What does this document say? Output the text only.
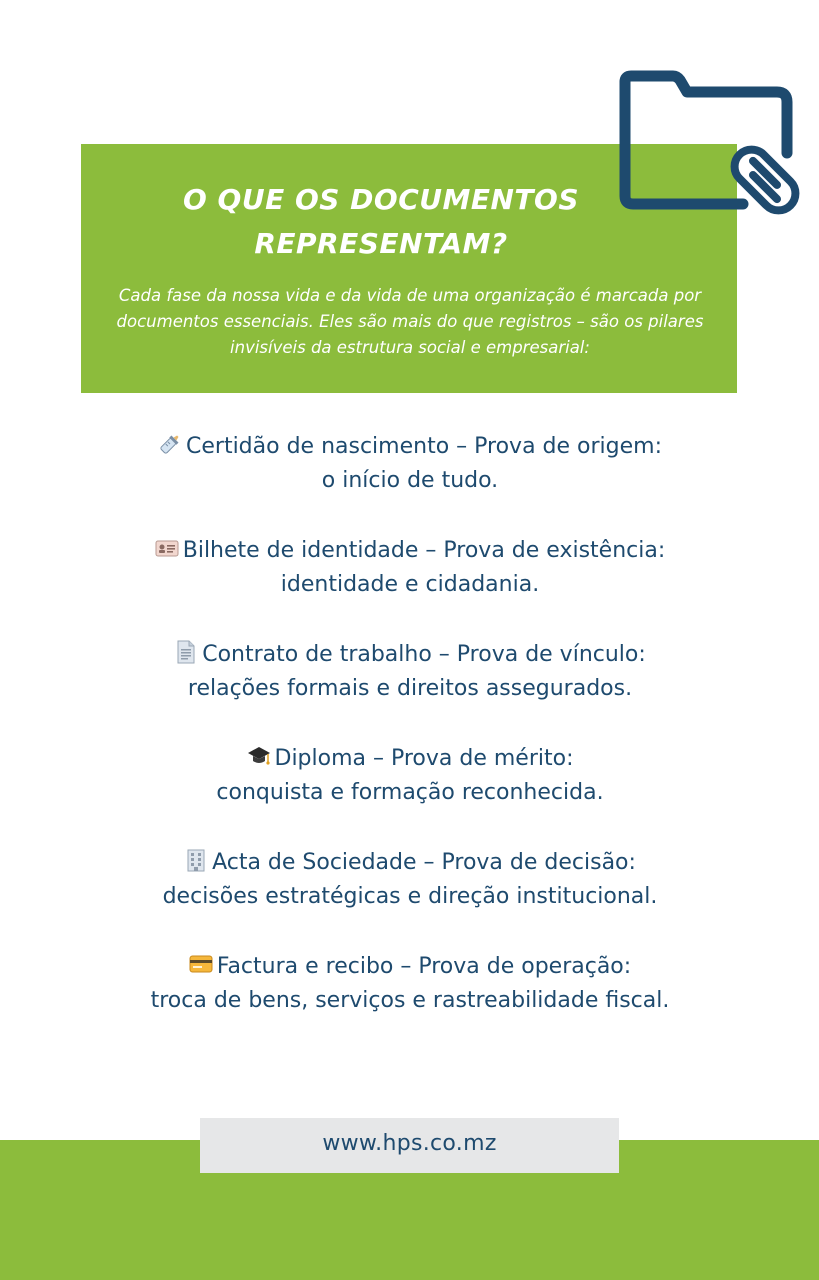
O QUE OS DOCUMENTOS
REPRESENTAM?
Cada fase da nossa vida e da vida de uma organização é marcada por documentos essenciais. Eles são mais do que registros – são os pilares invisíveis da estrutura social e empresarial:
Certidão de nascimento – Prova de origem:
o início de tudo.
Bilhete de identidade – Prova de existência:
identidade e cidadania.
Contrato de trabalho – Prova de vínculo:
relações formais e direitos assegurados.
Diploma – Prova de mérito:
conquista e formação reconhecida.
Acta de Sociedade – Prova de decisão:
decisões estratégicas e direção institucional.
Factura e recibo – Prova de operação:
troca de bens, serviços e rastreabilidade fiscal.
www.hps.co.mz
